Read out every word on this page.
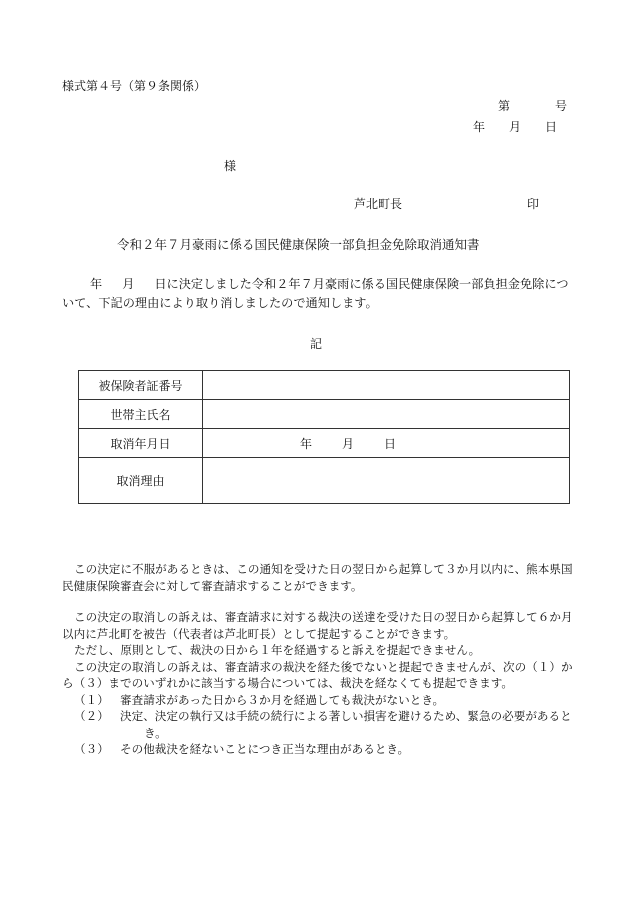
様式第４号（第９条関係）
第	号
年 月 日
様
芦北町長	印
令和２年７月豪雨に係る国民健康保険一部負担金免除取消通知書
年 月 日に決定しました令和２年７月豪雨に係る国民健康保険一部負担金免除について、下記の理由により取り消しましたので通知します。
記
被保険者証番号	
世帯主氏名	
取消年月日	年 月 日
取消理由	

この決定に不服があるときは、この通知を受けた日の翌日から起算して３か月以内に、熊本県国民健康保険審査会に対して審査請求することができます。

この決定の取消しの訴えは、審査請求に対する裁決の送達を受けた日の翌日から起算して６か月以内に芦北町を被告（代表者は芦北町長）として提起することができます。

ただし、原則として、裁決の日から１年を経過すると訴えを提起できません。

この決定の取消しの訴えは、審査請求の裁決を経た後でないと提起できませんが、次の（１）から（３）までのいずれかに該当する場合については、裁決を経なくても提起できます。

（１） 審査請求があった日から３か月を経過しても裁決がないとき。

（２） 決定、決定の執行又は手続の続行による著しい損害を避けるため、緊急の必要があるとき。

（３） その他裁決を経ないことにつき正当な理由があるとき。
